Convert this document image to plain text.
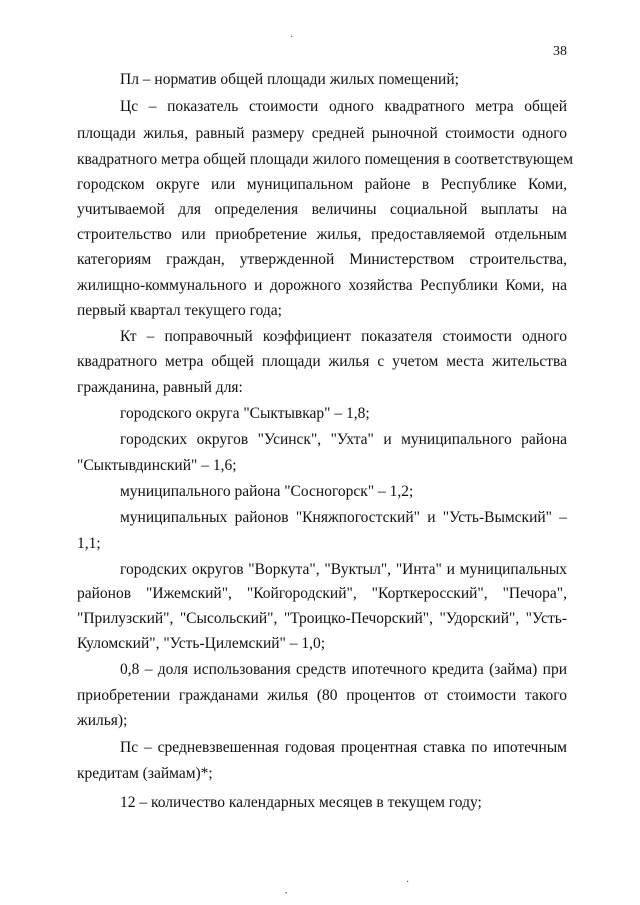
38
Пл – норматив общей площади жилых помещений;
Цс – показатель стоимости одного квадратного метра общей
площади жилья, равный размеру средней рыночной стоимости одного
квадратного метра общей площади жилого помещения в соответствующем
городском округе или муниципальном районе в Республике Коми,
учитываемой для определения величины социальной выплаты на
строительство или приобретение жилья, предоставляемой отдельным
категориям граждан, утвержденной Министерством строительства,
жилищно-коммунального и дорожного хозяйства Республики Коми, на
первый квартал текущего года;
Кт – поправочный коэффициент показателя стоимости одного
квадратного метра общей площади жилья с учетом места жительства
гражданина, равный для:
городского округа "Сыктывкар" – 1,8;
городских округов "Усинск", "Ухта" и муниципального района
"Сыктывдинский" – 1,6;
муниципального района "Сосногорск" – 1,2;
муниципальных районов "Княжпогостский" и "Усть-Вымский" –
1,1;
городских округов "Воркута", "Вуктыл", "Инта" и муниципальных
районов "Ижемский", "Койгородский", "Корткеросский", "Печора",
"Прилузский", "Сысольский", "Троицко-Печорский", "Удорский", "Усть-
Куломский", "Усть-Цилемский" – 1,0;
0,8 – доля использования средств ипотечного кредита (займа) при
приобретении гражданами жилья (80 процентов от стоимости такого
жилья);
Пс – средневзвешенная годовая процентная ставка по ипотечным
кредитам (займам)*;
12 – количество календарных месяцев в текущем году;
·
·
·
